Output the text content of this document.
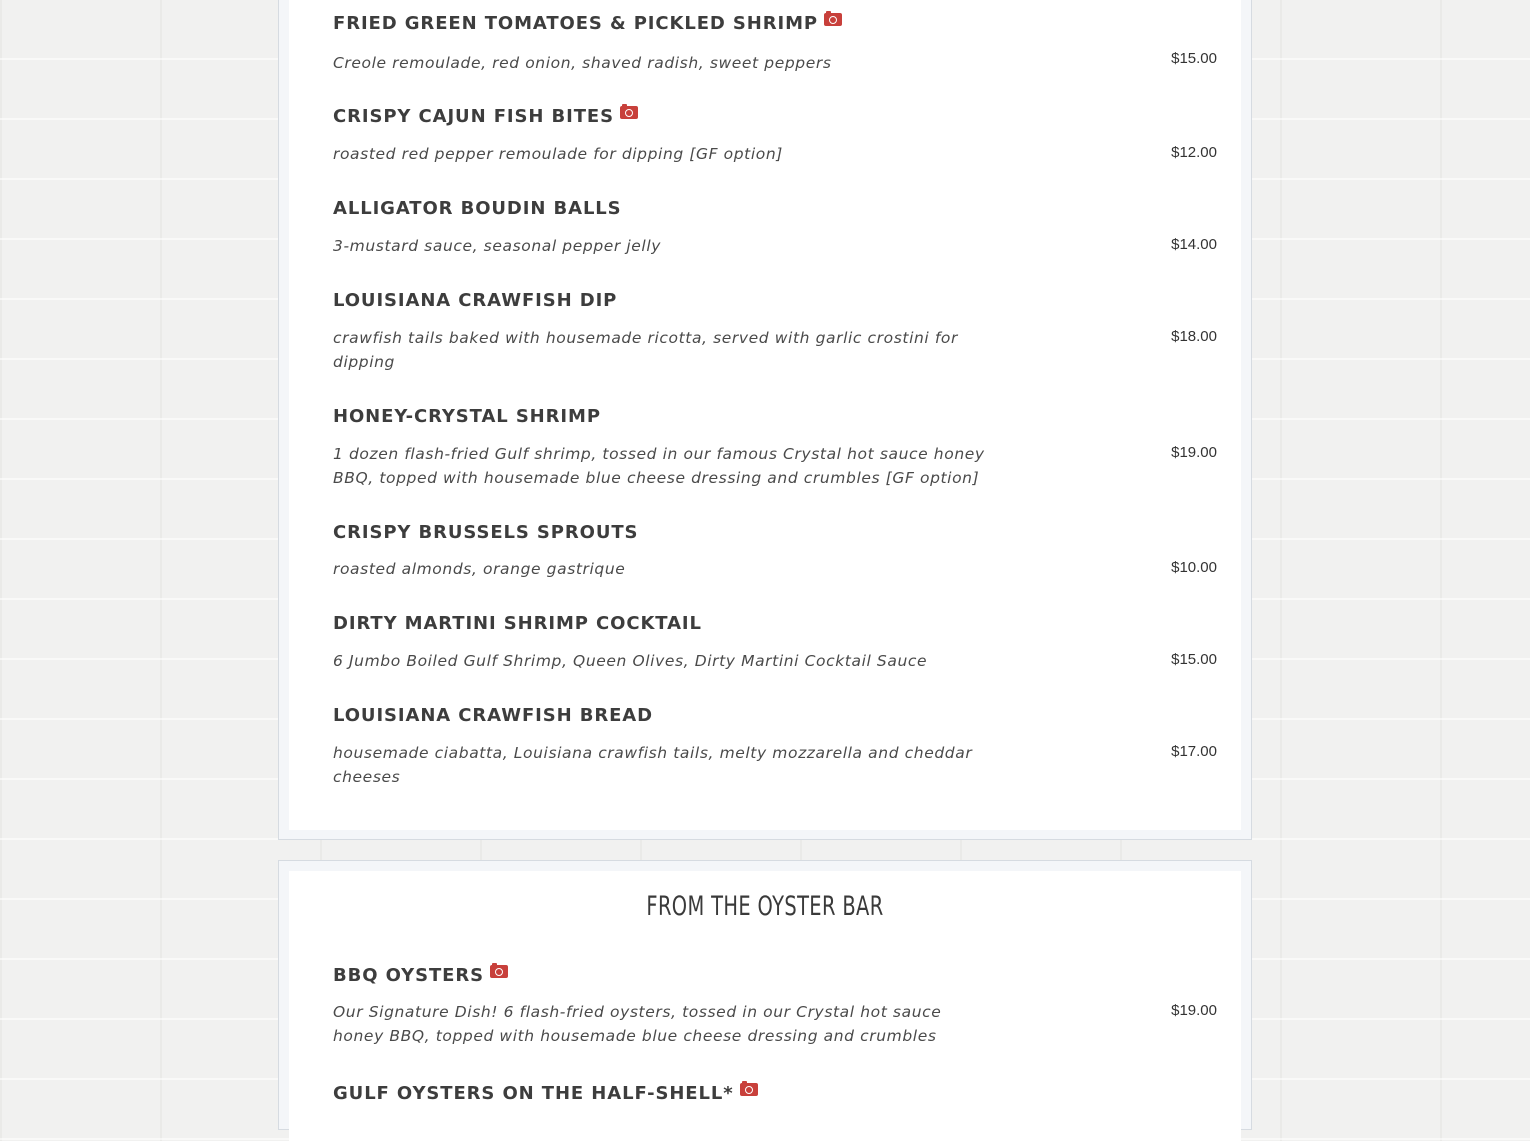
FRIED GREEN TOMATOES & PICKLED SHRIMP
Creole remoulade, red onion, shaved radish, sweet peppers	$15.00
CRISPY CAJUN FISH BITES
roasted red pepper remoulade for dipping [GF option]	$12.00
ALLIGATOR BOUDIN BALLS
3-mustard sauce, seasonal pepper jelly	$14.00
LOUISIANA CRAWFISH DIP
crawfish tails baked with housemade ricotta, served with garlic crostini for dipping
$18.00
HONEY-CRYSTAL SHRIMP
1 dozen flash-fried Gulf shrimp, tossed in our famous Crystal hot sauce honey BBQ, topped with housemade blue cheese dressing and crumbles [GF option]
$19.00
CRISPY BRUSSELS SPROUTS
roasted almonds, orange gastrique	$10.00
DIRTY MARTINI SHRIMP COCKTAIL
6 Jumbo Boiled Gulf Shrimp, Queen Olives, Dirty Martini Cocktail Sauce	$15.00
LOUISIANA CRAWFISH BREAD
housemade ciabatta, Louisiana crawfish tails, melty mozzarella and cheddar cheeses
$17.00
FROM THE OYSTER BAR
BBQ OYSTERS
Our Signature Dish! 6 flash-fried oysters, tossed in our Crystal hot sauce honey BBQ, topped with housemade blue cheese dressing and crumbles
$19.00
GULF OYSTERS ON THE HALF-SHELL*
